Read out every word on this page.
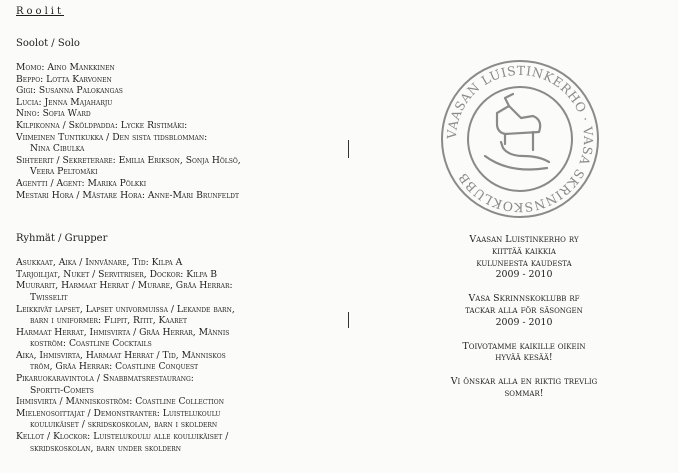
Roolit
Soolot / Solo
Momo: Aino Mankkinen
Beppo: Lotta Karvonen
Gigi: Susanna Palokangas
Lucia: Jenna Majaharju
Nino: Sofia Ward
Kilpikonna / Sköldpadda: Lycke Ristimäki:
Viimeinen Tuntikukka / Den sista tidsblomman:
Nina Cibulka
Sihteerit / Sekreterare: Emilia Erikson, Sonja Hölsö,
Veera Peltomäki
Agentti / Agent: Marika Pölkki
Mestari Hora / Mästare Hora: Anne-Mari Brunfeldt
Ryhmät / Grupper
Asukkaat, Aika / Innvånare, Tid: Kilpa A
Tarjoilijat, Nuket / Servitriser, Dockor: Kilpa B
Muurarit, Harmaat Herrat / Murare, Gråa Herrar:
Twisselit
Leikkivät lapset, Lapset univormuissa / Lekande barn,
barn i uniformer: Flipit, Ritit, Kaaret
Harmaat Herrat, Ihmisvirta / Gråa Herrar, Männis
koström: Coastline Cocktails
Aika, Ihmisvirta, Harmaat Herrat / Tid, Människos
tröm, Gråa Herrar: Coastline Conquest
Pikaruokaravintola / Snabbmatsrestaurang:
Sportti-Comets
Ihmisvirta / Människoström: Coastline Collection
Mielenosoittajat / Demonstranter: Luistelukoulu
kouluikäiset / skridskoskolan, barn i skoldern
Kellot / Klockor: Luistelukoulu alle kouluikäiset /
skridskoskolan, barn under skoldern
VAASAN LUISTINKERHO · VASA SKRINNSKOKLUBB
Vaasan Luistinkerho ry
kiittää kaikkia
kuluneesta kaudesta
2009 - 2010
Vasa Skrinnskoklubb rf
tackar alla för säsongen
2009 - 2010
Toivotamme kaikille oikein
hyvää kesää!
Vi önskar alla en riktig trevlig
sommar!
